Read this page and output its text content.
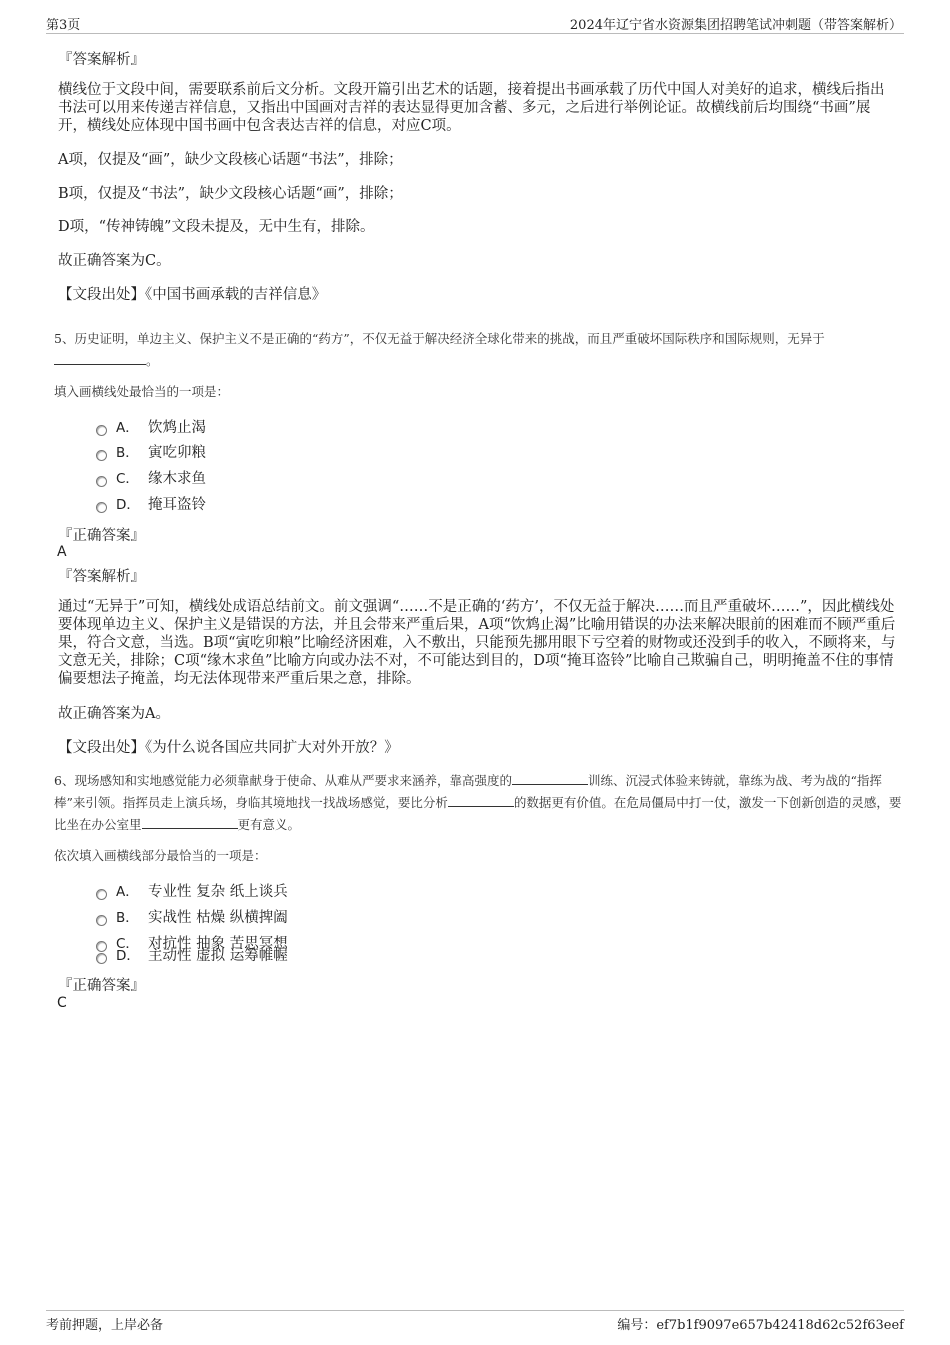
第3页	2024年辽宁省水资源集团招聘笔试冲刺题（带答案解析）
『答案解析』
横线位于文段中间，需要联系前后文分析。文段开篇引出艺术的话题，接着提出书画承载了历代中国人对美好的追求，横线后指出书法可以用来传递吉祥信息，又指出中国画对吉祥的表达显得更加含蓄、多元，之后进行举例论证。故横线前后均围绕“书画”展开，横线处应体现中国书画中包含表达吉祥的信息，对应C项。
A项，仅提及“画”，缺少文段核心话题“书法”，排除；
B项，仅提及“书法”，缺少文段核心话题“画”，排除；
D项，“传神铸魄”文段未提及，无中生有，排除。
故正确答案为C。
【文段出处】《中国书画承载的吉祥信息》
5、历史证明，单边主义、保护主义不是正确的“药方”，不仅无益于解决经济全球化带来的挑战，而且严重破坏国际秩序和国际规则，无异于
。
填入画横线处最恰当的一项是：
A． 饮鸩止渴
B． 寅吃卯粮
C． 缘木求鱼
D． 掩耳盗铃
『正确答案』
A
『答案解析』
通过“无异于”可知，横线处成语总结前文。前文强调“……不是正确的‘药方’，不仅无益于解决……而且严重破坏……”，因此横线处要体现单边主义、保护主义是错误的方法，并且会带来严重后果，A项“饮鸩止渴”比喻用错误的办法来解决眼前的困难而不顾严重后果，符合文意，当选。B项“寅吃卯粮”比喻经济困难，入不敷出，只能预先挪用眼下亏空着的财物或还没到手的收入，不顾将来，与文意无关，排除；C项“缘木求鱼”比喻方向或办法不对，不可能达到目的，D项“掩耳盗铃”比喻自己欺骗自己，明明掩盖不住的事情偏要想法子掩盖，均无法体现带来严重后果之意，排除。
故正确答案为A。
【文段出处】《为什么说各国应共同扩大对外开放？》
6、现场感知和实地感觉能力必须靠献身于使命、从难从严要求来涵养，靠高强度的	训练、沉浸式体验来铸就，靠练为战、考为战的“指挥棒”来引领。指挥员走上演兵场，身临其境地找一找战场感觉，要比分析	的数据更有价值。在危局僵局中打一仗，激发一下创新创造的灵感，要比坐在办公室里	更有意义。
依次填入画横线部分最恰当的一项是：
A． 专业性 复杂 纸上谈兵
B． 实战性 枯燥 纵横捭阖
C． 对抗性 抽象 苦思冥想
D． 主动性 虚拟 运筹帷幄
『正确答案』
C
考前押题，上岸必备	编号：ef7b1f9097e657b42418d62c52f63eef
